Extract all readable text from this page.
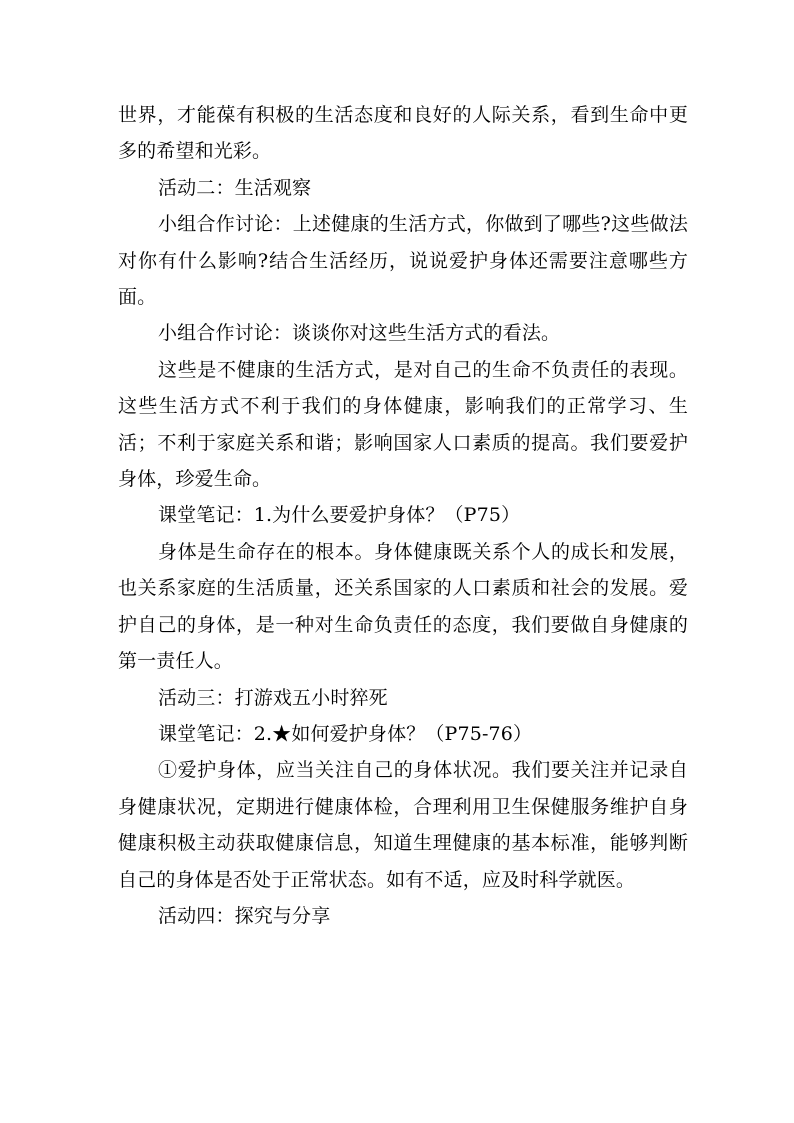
世界，才能葆有积极的生活态度和良好的人际关系，看到生命中更多的希望和光彩。

活动二：生活观察

小组合作讨论：上述健康的生活方式，你做到了哪些?这些做法对你有什么影响?结合生活经历，说说爱护身体还需要注意哪些方面。

小组合作讨论：谈谈你对这些生活方式的看法。

这些是不健康的生活方式，是对自己的生命不负责任的表现。这些生活方式不利于我们的身体健康，影响我们的正常学习、生活；不利于家庭关系和谐；影响国家人口素质的提高。我们要爱护身体，珍爱生命。

课堂笔记：1.为什么要爱护身体？（P75）

身体是生命存在的根本。身体健康既关系个人的成长和发展，也关系家庭的生活质量，还关系国家的人口素质和社会的发展。爱护自己的身体，是一种对生命负责任的态度，我们要做自身健康的第一责任人。

活动三：打游戏五小时猝死

课堂笔记：2.★如何爱护身体？（P75-76）

①爱护身体，应当关注自己的身体状况。我们要关注并记录自身健康状况，定期进行健康体检，合理利用卫生保健服务维护自身健康积极主动获取健康信息，知道生理健康的基本标准，能够判断自己的身体是否处于正常状态。如有不适，应及时科学就医。

活动四：探究与分享
